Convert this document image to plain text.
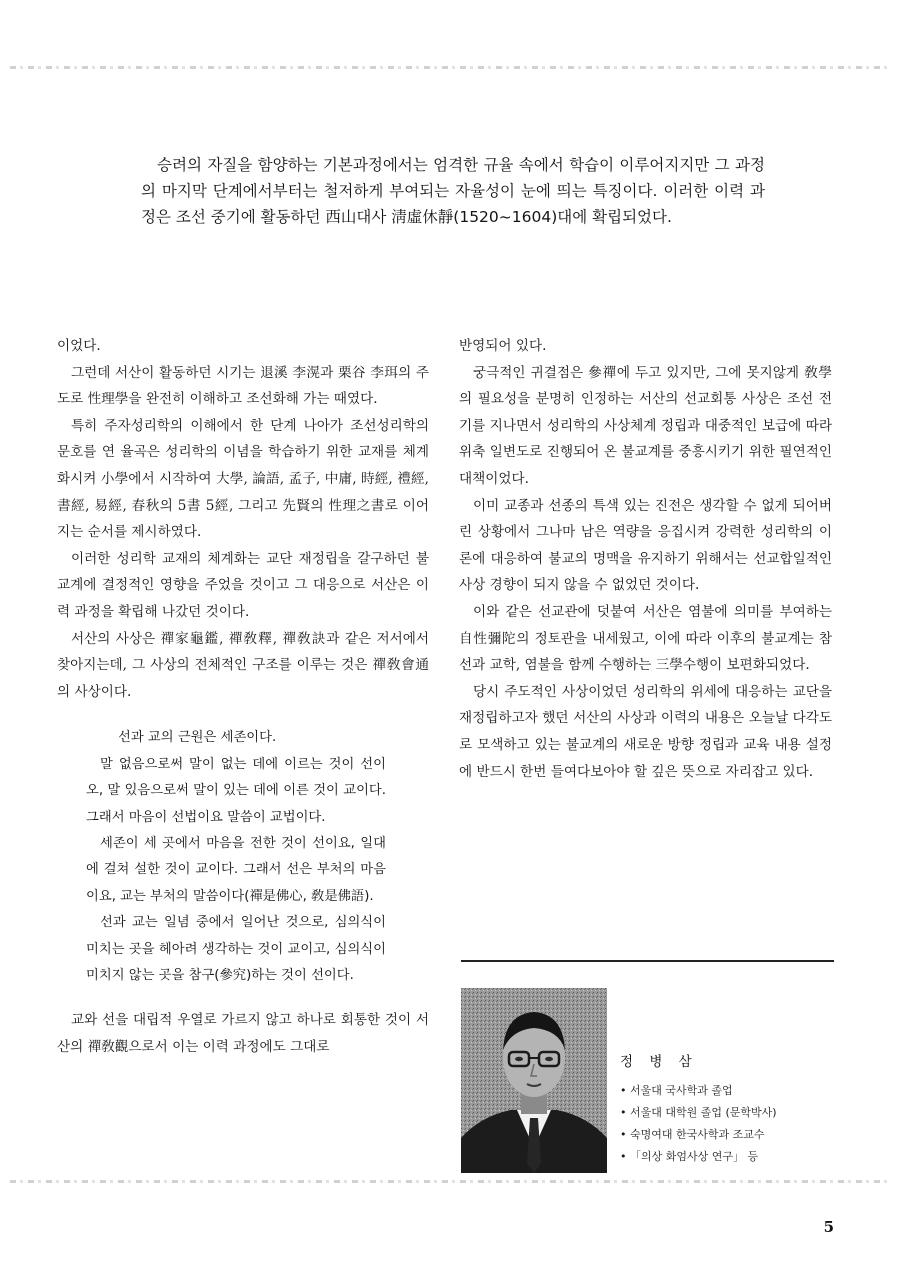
승려의 자질을 함양하는 기본과정에서는 엄격한 규율 속에서 학습이 이루어지지만 그 과정의 마지막 단계에서부터는 철저하게 부여되는 자율성이 눈에 띄는 특징이다. 이러한 이력 과정은 조선 중기에 활동하던 西山대사 淸虛休靜(1520~1604)대에 확립되었다.

이었다.

그런데 서산이 활동하던 시기는 退溪 李滉과 栗谷 李珥의 주도로 性理學을 완전히 이해하고 조선화해 가는 때였다.

특히 주자성리학의 이해에서 한 단계 나아가 조선성리학의 문호를 연 율곡은 성리학의 이념을 학습하기 위한 교재를 체계화시켜 小學에서 시작하여 大學, 論語, 孟子, 中庸, 時經, 禮經, 書經, 易經, 春秋의 5書 5經, 그리고 先賢의 性理之書로 이어지는 순서를 제시하였다.

이러한 성리학 교재의 체계화는 교단 재정립을 갈구하던 불교계에 결정적인 영향을 주었을 것이고 그 대응으로 서산은 이력 과정을 확립해 나갔던 것이다.

서산의 사상은 禪家龜鑑, 禪敎釋, 禪敎訣과 같은 저서에서 찾아지는데, 그 사상의 전체적인 구조를 이루는 것은 禪敎會通의 사상이다.

선과 교의 근원은 세존이다.

말 없음으로써 말이 없는 데에 이르는 것이 선이오, 말 있음으로써 말이 있는 데에 이른 것이 교이다. 그래서 마음이 선법이요 말씀이 교법이다.

세존이 세 곳에서 마음을 전한 것이 선이요, 일대에 걸쳐 설한 것이 교이다. 그래서 선은 부처의 마음이요, 교는 부처의 말씀이다(禪是佛心, 敎是佛語).

선과 교는 일념 중에서 일어난 것으로, 심의식이 미치는 곳을 헤아려 생각하는 것이 교이고, 심의식이 미치지 않는 곳을 참구(參究)하는 것이 선이다.

교와 선을 대립적 우열로 가르지 않고 하나로 회통한 것이 서산의 禪敎觀으로서 이는 이력 과정에도 그대로

반영되어 있다.

궁극적인 귀결점은 參禪에 두고 있지만, 그에 못지않게 敎學의 필요성을 분명히 인정하는 서산의 선교회통 사상은 조선 전기를 지나면서 성리학의 사상체계 정립과 대중적인 보급에 따라 위축 일변도로 진행되어 온 불교계를 중흥시키기 위한 필연적인 대책이었다.

이미 교종과 선종의 특색 있는 진전은 생각할 수 없게 되어버린 상황에서 그나마 남은 역량을 응집시켜 강력한 성리학의 이론에 대응하여 불교의 명맥을 유지하기 위해서는 선교합일적인 사상 경향이 되지 않을 수 없었던 것이다.

이와 같은 선교관에 덧붙여 서산은 염불에 의미를 부여하는 自性彌陀의 정토관을 내세웠고, 이에 따라 이후의 불교계는 참선과 교학, 염불을 함께 수행하는 三學수행이 보편화되었다.

당시 주도적인 사상이었던 성리학의 위세에 대응하는 교단을 재정립하고자 했던 서산의 사상과 이력의 내용은 오늘날 다각도로 모색하고 있는 불교계의 새로운 방향 정립과 교육 내용 설정에 반드시 한번 들여다보아야 할 깊은 뜻으로 자리잡고 있다.

정 병 삼
• 서울대 국사학과 졸업
• 서울대 대학원 졸업 (문학박사)
• 숙명여대 한국사학과 조교수
• 「의상 화엄사상 연구」 등
5
